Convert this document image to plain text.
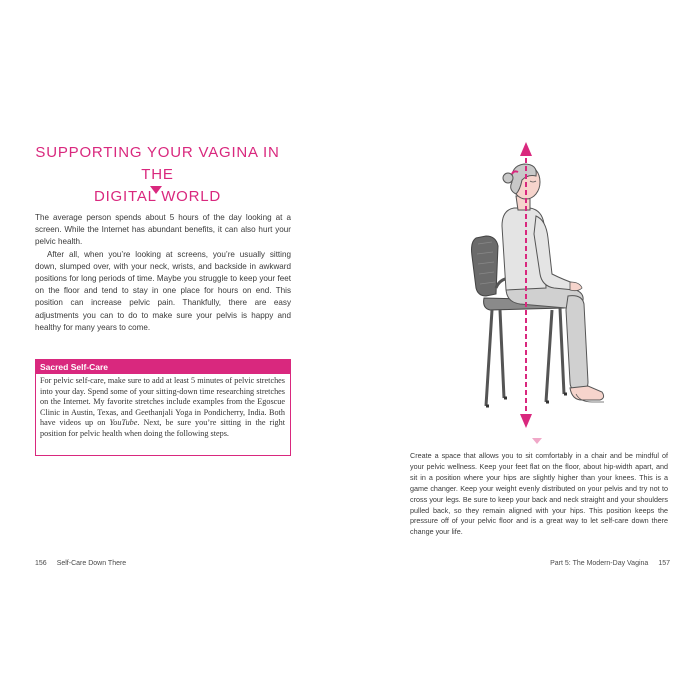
SUPPORTING YOUR VAGINA IN THE
DIGITAL WORLD

The average person spends about 5 hours of the day looking at a screen. While the Internet has abundant benefits, it can also hurt your pelvic health.

After all, when you’re looking at screens, you’re usually sitting down, slumped over, with your neck, wrists, and backside in awkward positions for long periods of time. Maybe you struggle to keep your feet on the floor and tend to stay in one place for hours on end. This position can increase pelvic pain. Thankfully, there are easy adjustments you can to do to make sure your pelvis is happy and healthy for many years to come.

Sacred Self-Care
For pelvic self-care, make sure to add at least 5 minutes of pelvic stretches into your day. Spend some of your sitting-down time researching stretches on the Internet. My favorite stretches include examples from the Egoscue Clinic in Austin, Texas, and Geethanjali Yoga in Pondicherry, India. Both have videos up on YouTube. Next, be sure you’re sitting in the right position for pelvic health when doing the following steps.
156 Self-Care Down There

Create a space that allows you to sit comfortably in a chair and be mindful of your pelvic wellness. Keep your feet flat on the floor, about hip-width apart, and sit in a position where your hips are slightly higher than your knees. This is a game changer. Keep your weight evenly distributed on your pelvis and try not to cross your legs. Be sure to keep your back and neck straight and your shoulders pulled back, so they remain aligned with your hips. This position keeps the pressure off of your pelvic floor and is a great way to let self-care down there change your life.

Part 5: The Modern-Day Vagina 157
